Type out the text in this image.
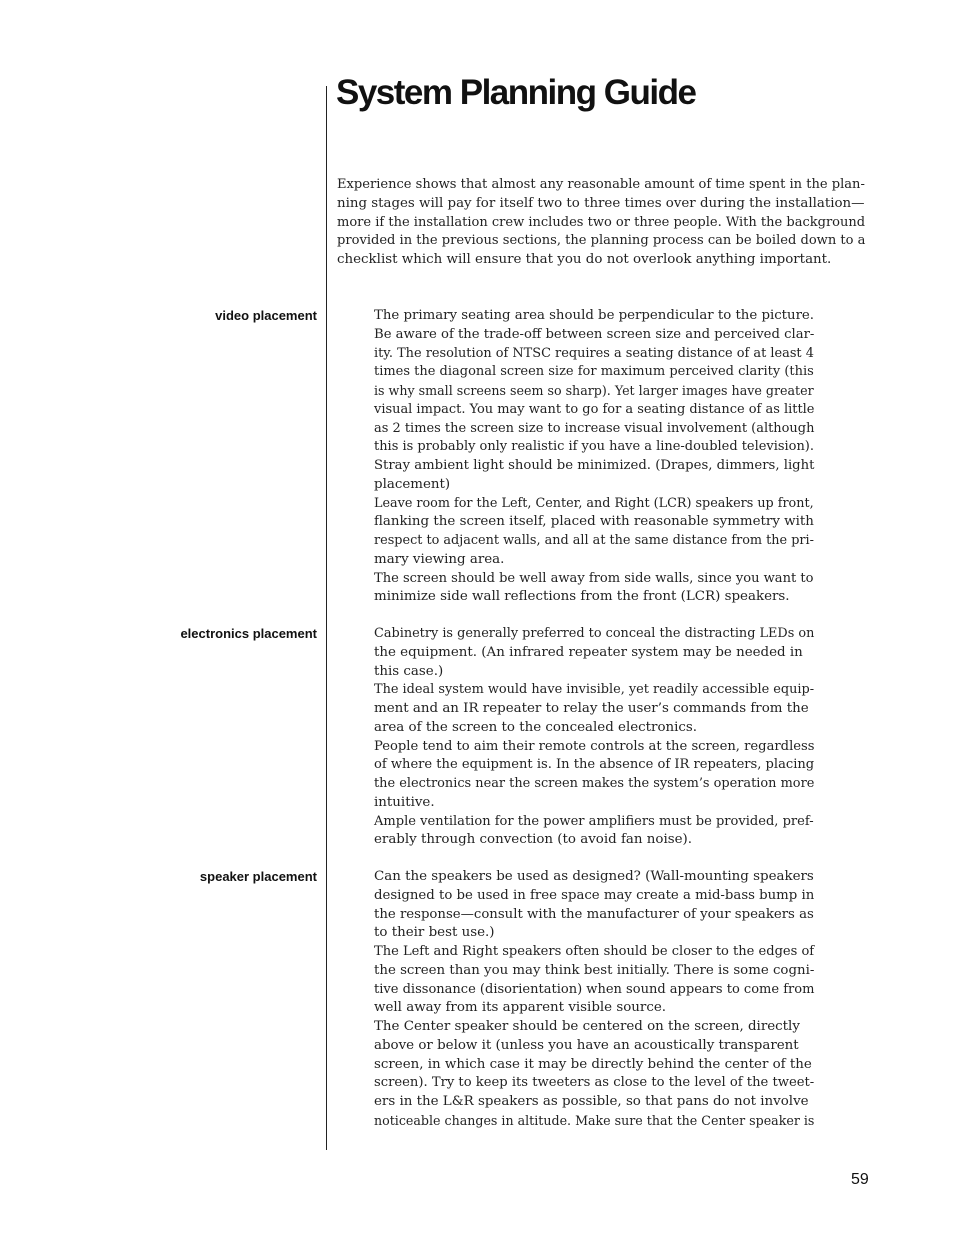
System Planning Guide
Experience shows that almost any reasonable amount of time spent in the plan-
ning stages will pay for itself two to three times over during the installation—
more if the installation crew includes two or three people. With the background
provided in the previous sections, the planning process can be boiled down to a
checklist which will ensure that you do not overlook anything important.
video placement	The primary seating area should be perpendicular to the picture.
Be aware of the trade-off between screen size and perceived clar-
ity. The resolution of NTSC requires a seating distance of at least 4
times the diagonal screen size for maximum perceived clarity (this
is why small screens seem so sharp). Yet larger images have greater
visual impact. You may want to go for a seating distance of as little
as 2 times the screen size to increase visual involvement (although
this is probably only realistic if you have a line-doubled television).
Stray ambient light should be minimized. (Drapes, dimmers, light
placement)
Leave room for the Left, Center, and Right (LCR) speakers up front,
flanking the screen itself, placed with reasonable symmetry with
respect to adjacent walls, and all at the same distance from the pri-
mary viewing area.
The screen should be well away from side walls, since you want to
minimize side wall reflections from the front (LCR) speakers.
electronics placement	Cabinetry is generally preferred to conceal the distracting LEDs on
the equipment. (An infrared repeater system may be needed in
this case.)
The ideal system would have invisible, yet readily accessible equip-
ment and an IR repeater to relay the user’s commands from the
area of the screen to the concealed electronics.
People tend to aim their remote controls at the screen, regardless
of where the equipment is. In the absence of IR repeaters, placing
the electronics near the screen makes the system’s operation more
intuitive.
Ample ventilation for the power amplifiers must be provided, pref-
erably through convection (to avoid fan noise).
speaker placement	Can the speakers be used as designed? (Wall-mounting speakers
designed to be used in free space may create a mid-bass bump in
the response—consult with the manufacturer of your speakers as
to their best use.)
The Left and Right speakers often should be closer to the edges of
the screen than you may think best initially. There is some cogni-
tive dissonance (disorientation) when sound appears to come from
well away from its apparent visible source.
The Center speaker should be centered on the screen, directly
above or below it (unless you have an acoustically transparent
screen, in which case it may be directly behind the center of the
screen). Try to keep its tweeters as close to the level of the tweet-
ers in the L&R speakers as possible, so that pans do not involve
noticeable changes in altitude. Make sure that the Center speaker is
59
